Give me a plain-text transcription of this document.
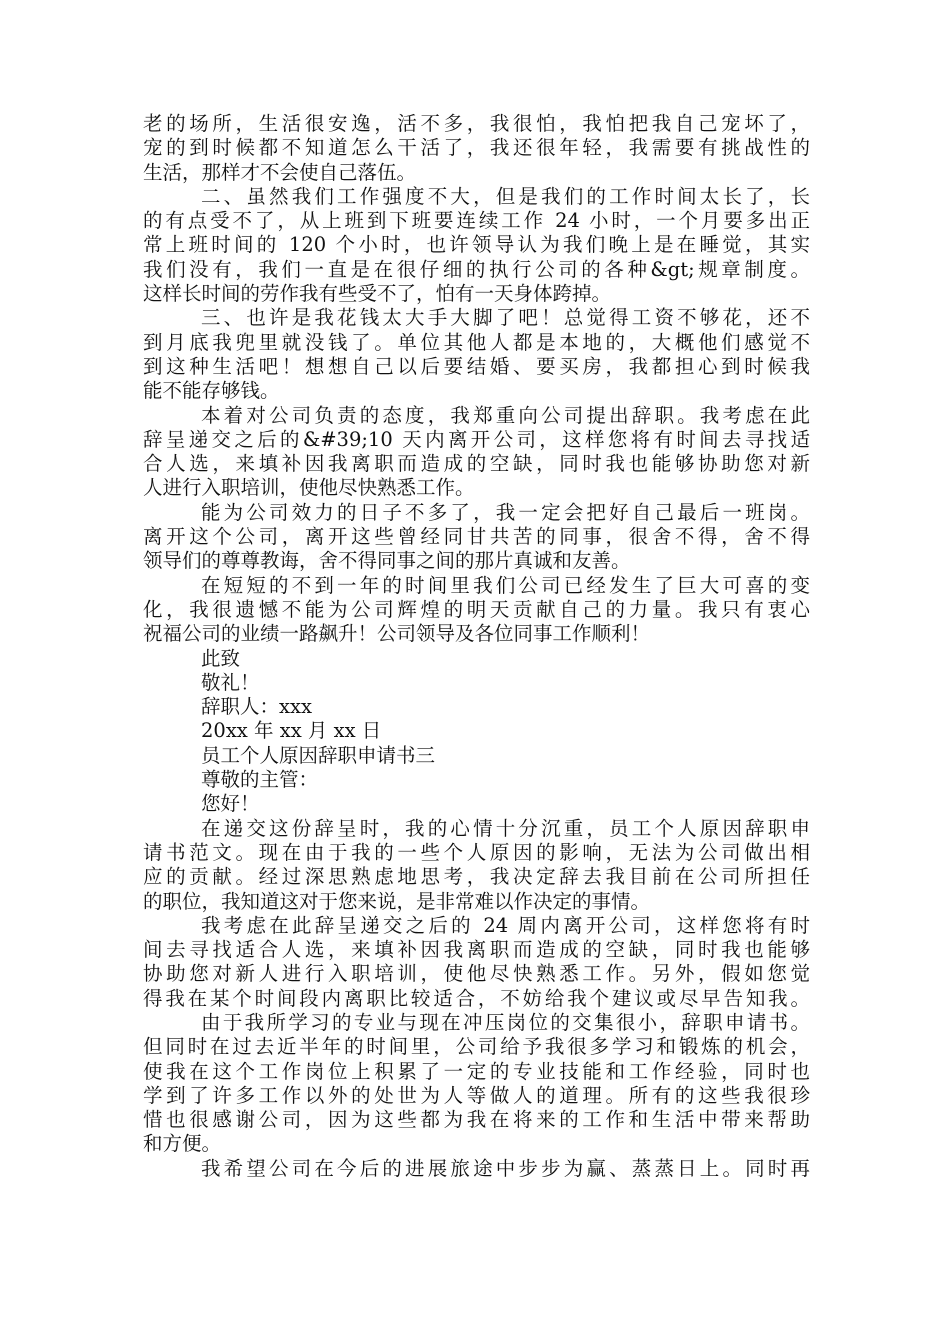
老的场所，生活很安逸，活不多，我很怕，我怕把我自己宠坏了，
宠的到时候都不知道怎么干活了，我还很年轻，我需要有挑战性的
生活，那样才不会使自己落伍。
二、虽然我们工作强度不大，但是我们的工作时间太长了，长
的有点受不了，从上班到下班要连续工作 24 小时，一个月要多出正
常上班时间的 120 个小时，也许领导认为我们晚上是在睡觉，其实
我们没有，我们一直是在很仔细的执行公司的各种&gt;规章制度。
这样长时间的劳作我有些受不了，怕有一天身体跨掉。
三、也许是我花钱太大手大脚了吧！总觉得工资不够花，还不
到月底我兜里就没钱了。单位其他人都是本地的，大概他们感觉不
到这种生活吧！想想自己以后要结婚、要买房，我都担心到时候我
能不能存够钱。
本着对公司负责的态度，我郑重向公司提出辞职。我考虑在此
辞呈递交之后的&#39;10 天内离开公司，这样您将有时间去寻找适
合人选，来填补因我离职而造成的空缺，同时我也能够协助您对新
人进行入职培训，使他尽快熟悉工作。
能为公司效力的日子不多了，我一定会把好自己最后一班岗。
离开这个公司，离开这些曾经同甘共苦的同事，很舍不得，舍不得
领导们的尊尊教诲，舍不得同事之间的那片真诚和友善。
在短短的不到一年的时间里我们公司已经发生了巨大可喜的变
化，我很遗憾不能为公司辉煌的明天贡献自己的力量。我只有衷心
祝福公司的业绩一路飙升！公司领导及各位同事工作顺利！
此致
敬礼！
辞职人：xxx
20xx 年 xx 月 xx 日
员工个人原因辞职申请书三
尊敬的主管：
您好！
在递交这份辞呈时，我的心情十分沉重，员工个人原因辞职申
请书范文。现在由于我的一些个人原因的影响，无法为公司做出相
应的贡献。经过深思熟虑地思考，我决定辞去我目前在公司所担任
的职位，我知道这对于您来说，是非常难以作决定的事情。
我考虑在此辞呈递交之后的 24 周内离开公司，这样您将有时
间去寻找适合人选，来填补因我离职而造成的空缺，同时我也能够
协助您对新人进行入职培训，使他尽快熟悉工作。另外，假如您觉
得我在某个时间段内离职比较适合，不妨给我个建议或尽早告知我。
由于我所学习的专业与现在冲压岗位的交集很小，辞职申请书。
但同时在过去近半年的时间里，公司给予我很多学习和锻炼的机会，
使我在这个工作岗位上积累了一定的专业技能和工作经验，同时也
学到了许多工作以外的处世为人等做人的道理。所有的这些我很珍
惜也很感谢公司，因为这些都为我在将来的工作和生活中带来帮助
和方便。
我希望公司在今后的进展旅途中步步为赢、蒸蒸日上。同时再
